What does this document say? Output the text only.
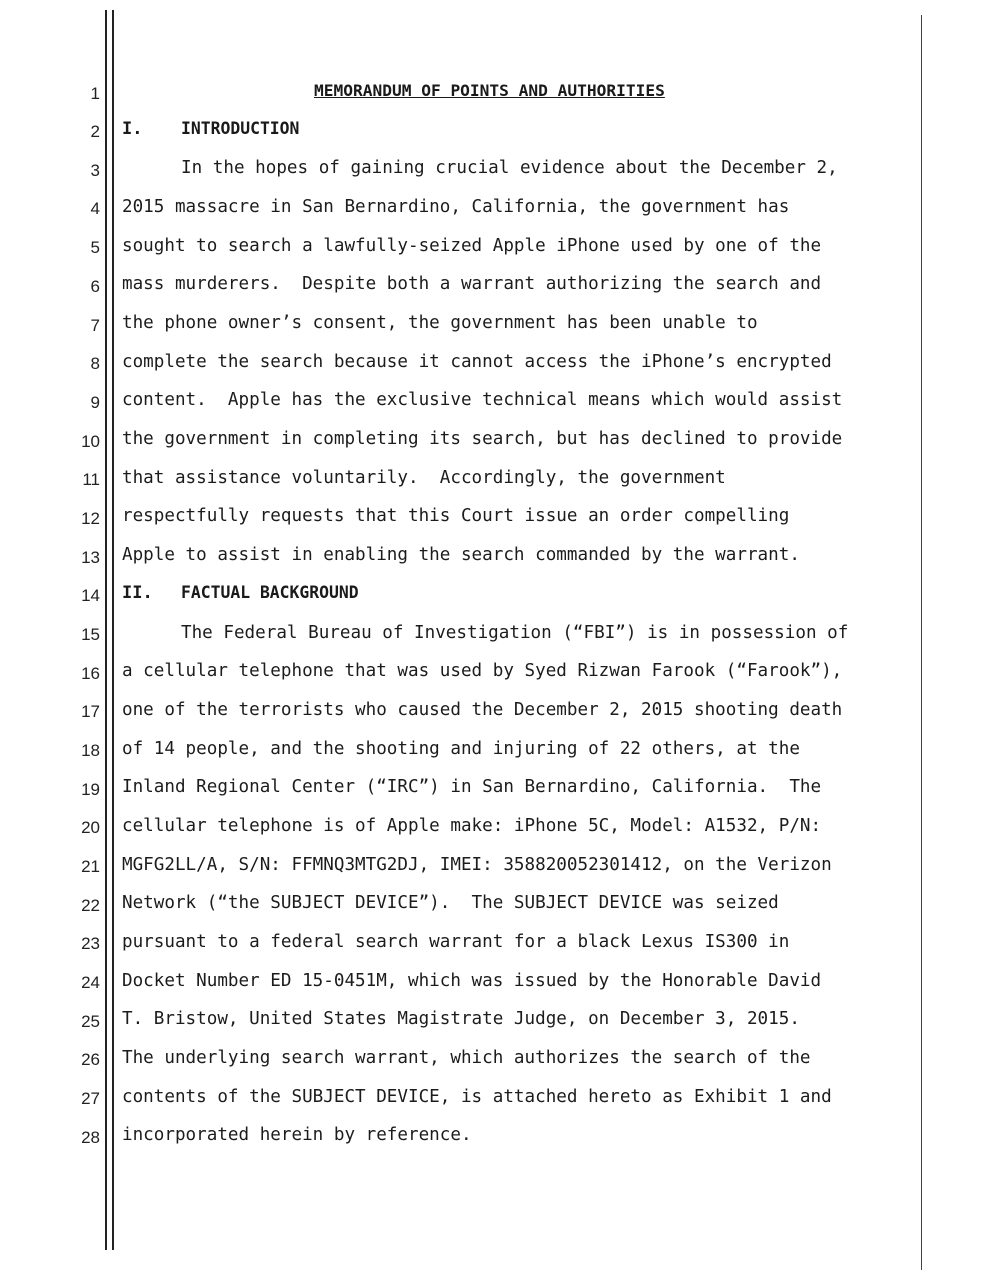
1
2
3
4
5
6
7
8
9
10
11
12
13
14
15
16
17
18
19
20
21
22
23
24
25
26
27
28
MEMORANDUM OF POINTS AND AUTHORITIES
I. INTRODUCTION
In the hopes of gaining crucial evidence about the December 2,
2015 massacre in San Bernardino, California, the government has
sought to search a lawfully-seized Apple iPhone used by one of the
mass murderers.  Despite both a warrant authorizing the search and
the phone owner’s consent, the government has been unable to
complete the search because it cannot access the iPhone’s encrypted
content.  Apple has the exclusive technical means which would assist
the government in completing its search, but has declined to provide
that assistance voluntarily.  Accordingly, the government
respectfully requests that this Court issue an order compelling
Apple to assist in enabling the search commanded by the warrant.
II. FACTUAL BACKGROUND
The Federal Bureau of Investigation (“FBI”) is in possession of
a cellular telephone that was used by Syed Rizwan Farook (“Farook”),
one of the terrorists who caused the December 2, 2015 shooting death
of 14 people, and the shooting and injuring of 22 others, at the
Inland Regional Center (“IRC”) in San Bernardino, California.  The
cellular telephone is of Apple make: iPhone 5C, Model: A1532, P/N:
MGFG2LL/A, S/N: FFMNQ3MTG2DJ, IMEI: 358820052301412, on the Verizon
Network (“the SUBJECT DEVICE”).  The SUBJECT DEVICE was seized
pursuant to a federal search warrant for a black Lexus IS300 in
Docket Number ED 15-0451M, which was issued by the Honorable David
T. Bristow, United States Magistrate Judge, on December 3, 2015.
The underlying search warrant, which authorizes the search of the
contents of the SUBJECT DEVICE, is attached hereto as Exhibit 1 and
incorporated herein by reference.
